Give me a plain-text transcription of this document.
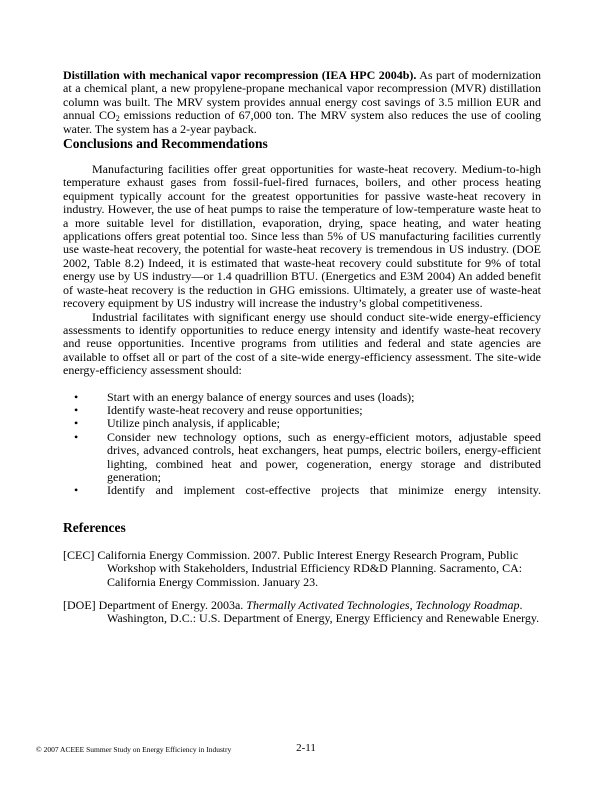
Distillation with mechanical vapor recompression (IEA HPC 2004b). As part of modernization at a chemical plant, a new propylene-propane mechanical vapor recompression (MVR) distillation column was built. The MRV system provides annual energy cost savings of 3.5 million EUR and annual CO2 emissions reduction of 67,000 ton. The MRV system also reduces the use of cooling water. The system has a 2-year payback.

Conclusions and Recommendations

Manufacturing facilities offer great opportunities for waste-heat recovery. Medium-to-high temperature exhaust gases from fossil-fuel-fired furnaces, boilers, and other process heating equipment typically account for the greatest opportunities for passive waste-heat recovery in industry. However, the use of heat pumps to raise the temperature of low-temperature waste heat to a more suitable level for distillation, evaporation, drying, space heating, and water heating applications offers great potential too. Since less than 5% of US manufacturing facilities currently use waste-heat recovery, the potential for waste-heat recovery is tremendous in US industry. (DOE 2002, Table 8.2) Indeed, it is estimated that waste-heat recovery could substitute for 9% of total energy use by US industry—or 1.4 quadrillion BTU. (Energetics and E3M 2004) An added benefit of waste-heat recovery is the reduction in GHG emissions. Ultimately, a greater use of waste-heat recovery equipment by US industry will increase the industry’s global competitiveness.

Industrial facilitates with significant energy use should conduct site-wide energy-efficiency assessments to identify opportunities to reduce energy intensity and identify waste-heat recovery and reuse opportunities. Incentive programs from utilities and federal and state agencies are available to offset all or part of the cost of a site-wide energy-efficiency assessment. The site-wide energy-efficiency assessment should:

• Start with an energy balance of energy sources and uses (loads);
• Identify waste-heat recovery and reuse opportunities;
• Utilize pinch analysis, if applicable;
• Consider new technology options, such as energy-efficient motors, adjustable speed drives, advanced controls, heat exchangers, heat pumps, electric boilers, energy-efficient lighting, combined heat and power, cogeneration, energy storage and distributed generation;
• Identify and implement cost-effective projects that minimize energy intensity.
References

[CEC] California Energy Commission. 2007. Public Interest Energy Research Program, Public Workshop with Stakeholders, Industrial Efficiency RD&D Planning. Sacramento, CA: California Energy Commission. January 23.

[DOE] Department of Energy. 2003a. Thermally Activated Technologies, Technology Roadmap. Washington, D.C.: U.S. Department of Energy, Energy Efficiency and Renewable Energy.

© 2007 ACEEE Summer Study on Energy Efficiency in Industry	2-11
